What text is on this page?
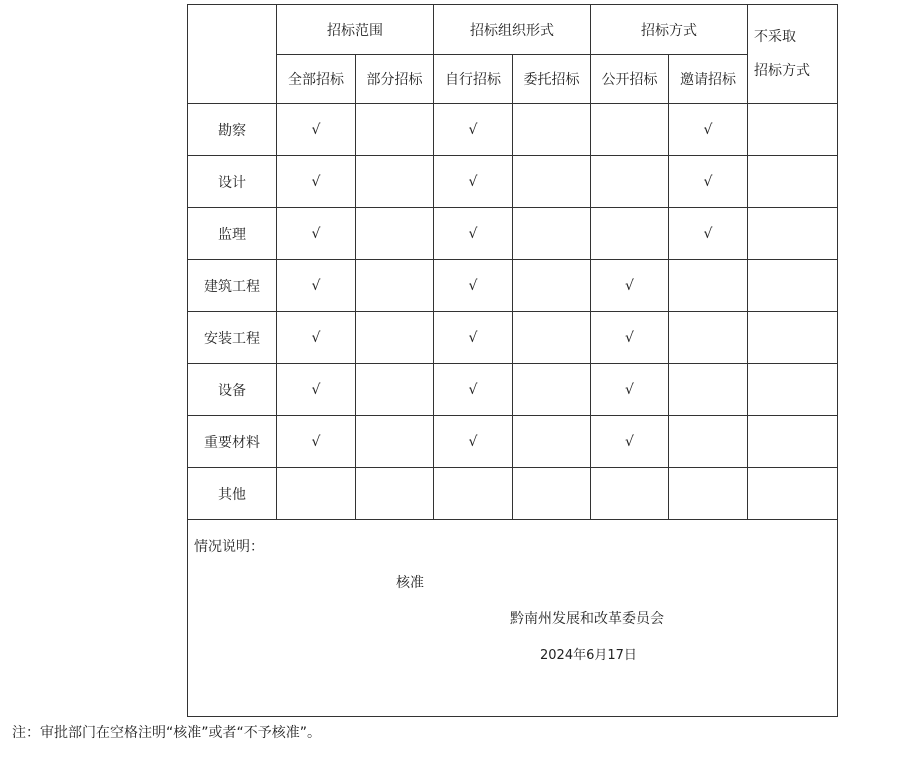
	招标范围		招标组织形式		招标方式		不采取
招标方式

	全部招标	部分招标	自行招标	委托招标	公开招标	邀请招标	
勘察	√		√			√	
设计	√		√			√	
监理	√		√			√	
建筑工程	√		√		√		
安装工程	√		√		√		
设备	√		√		√		
重要材料	√		√		√		
其他							

情况说明：
核准
黔南州发展和改革委员会
2024年6月17日							
注：审批部门在空格注明“核准”或者“不予核准”。
